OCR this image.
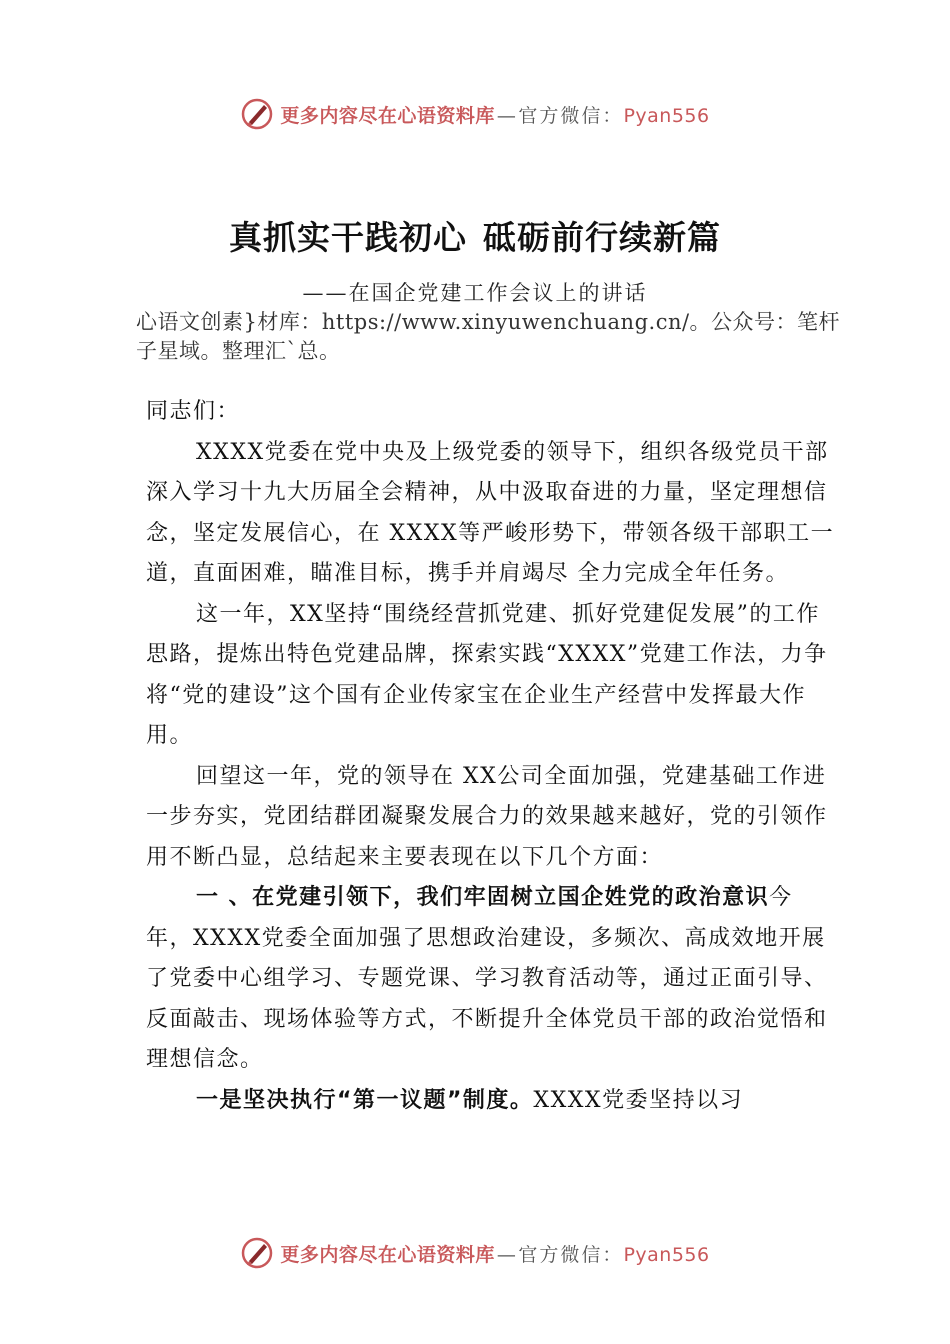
更多内容尽在心语资料库 — 官方微信：Pyan556
真抓实干践初心 砥砺前行续新篇
——在国企党建工作会议上的讲话
心语文创素}材库：https://www.xinyuwenchuang.cn/。公众号：笔杆子星域。整理汇`总。

同志们：

XXXX党委在党中央及上级党委的领导下，组织各级党员干部深入学习十九大历届全会精神，从中汲取奋进的力量，坚定理想信念，坚定发展信心，在 XXXX等严峻形势下，带领各级干部职工一道，直面困难，瞄准目标，携手并肩竭尽 全力完成全年任务。

这一年，XX坚持“围绕经营抓党建、抓好党建促发展”的工作思路，提炼出特色党建品牌，探索实践“XXXX”党建工作法，力争将“党的建设”这个国有企业传家宝在企业生产经营中发挥最大作用。

回望这一年，党的领导在 XX公司全面加强，党建基础工作进一步夯实，党团结群团凝聚发展合力的效果越来越好，党的引领作用不断凸显，总结起来主要表现在以下几个方面：

一 、在党建引领下，我们牢固树立国企姓党的政治意识今年，XXXX党委全面加强了思想政治建设，多频次、高成效地开展了党委中心组学习、专题党课、学习教育活动等，通过正面引导、反面敲击、现场体验等方式，不断提升全体党员干部的政治觉悟和理想信念。

一是坚决执行“第一议题”制度。XXXX党委坚持以习

更多内容尽在心语资料库 — 官方微信：Pyan556
